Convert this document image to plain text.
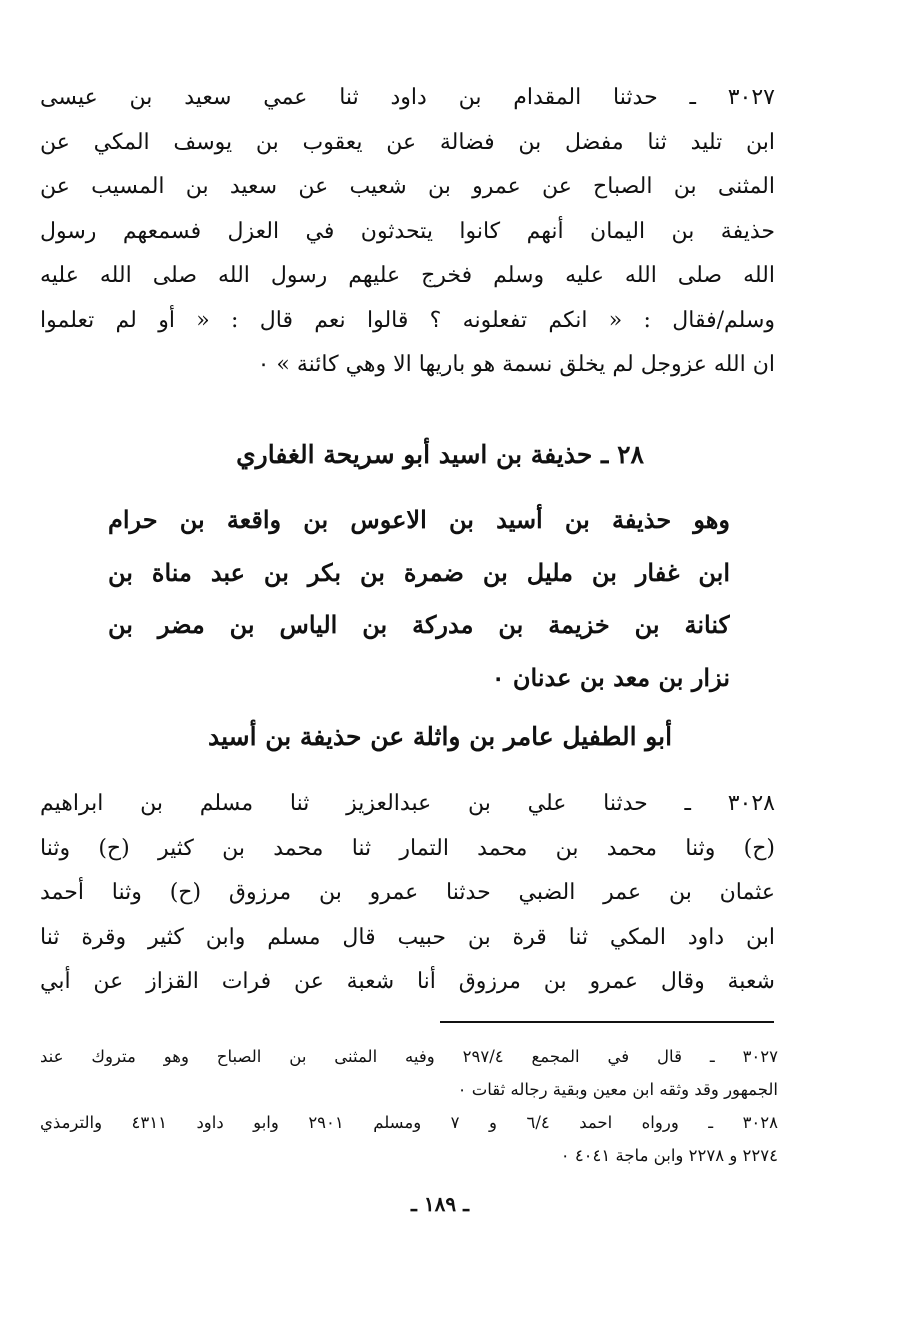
٣٠٢٧ ـ حدثنا المقدام بن داود ثنا عمي سعيد بن عيسى
ابن تليد ثنا مفضل بن فضالة عن يعقوب بن يوسف المكي عن
المثنى بن الصباح عن عمرو بن شعيب عن سعيد بن المسيب عن
حذيفة بن اليمان أنهم كانوا يتحدثون في العزل فسمعهم رسول
الله صلى الله عليه وسلم فخرج عليهم رسول الله صلى الله عليه
وسلم/فقال : « انكم تفعلونه ؟ قالوا نعم قال : « أو لم تعلموا
ان الله عزوجل لم يخلق نسمة هو باريها الا وهي كائنة » ٠
٢٨ ـ حذيفة بن اسيد أبو سريحة الغفاري
وهو حذيفة بن أسيد بن الاعوس بن واقعة بن حرام
ابن غفار بن مليل بن ضمرة بن بكر بن عبد مناة بن
كنانة بن خزيمة بن مدركة بن الياس بن مضر بن
نزار بن معد بن عدنان ٠
أبو الطفيل عامر بن واثلة عن حذيفة بن أسيد
٣٠٢٨ ـ حدثنا علي بن عبدالعزيز ثنا مسلم بن ابراهيم
(ح) وثنا محمد بن محمد التمار ثنا محمد بن كثير (ح) وثنا
عثمان بن عمر الضبي حدثنا عمرو بن مرزوق (ح) وثنا أحمد
ابن داود المكي ثنا قرة بن حبيب قال مسلم وابن كثير وقرة ثنا
شعبة وقال عمرو بن مرزوق أنا شعبة عن فرات القزاز عن أبي
٣٠٢٧ ـ قال في المجمع ٢٩٧/٤ وفيه المثنى بن الصباح وهو متروك عند
الجمهور وقد وثقه ابن معين وبقية رجاله ثقات ٠
٣٠٢٨ ـ ورواه احمد ٦/٤ و ٧ ومسلم ٢٩٠١ وابو داود ٤٣١١ والترمذي
٢٢٧٤ و ٢٢٧٨ وابن ماجة ٤٠٤١ ٠
ـ ١٨٩ ـ
